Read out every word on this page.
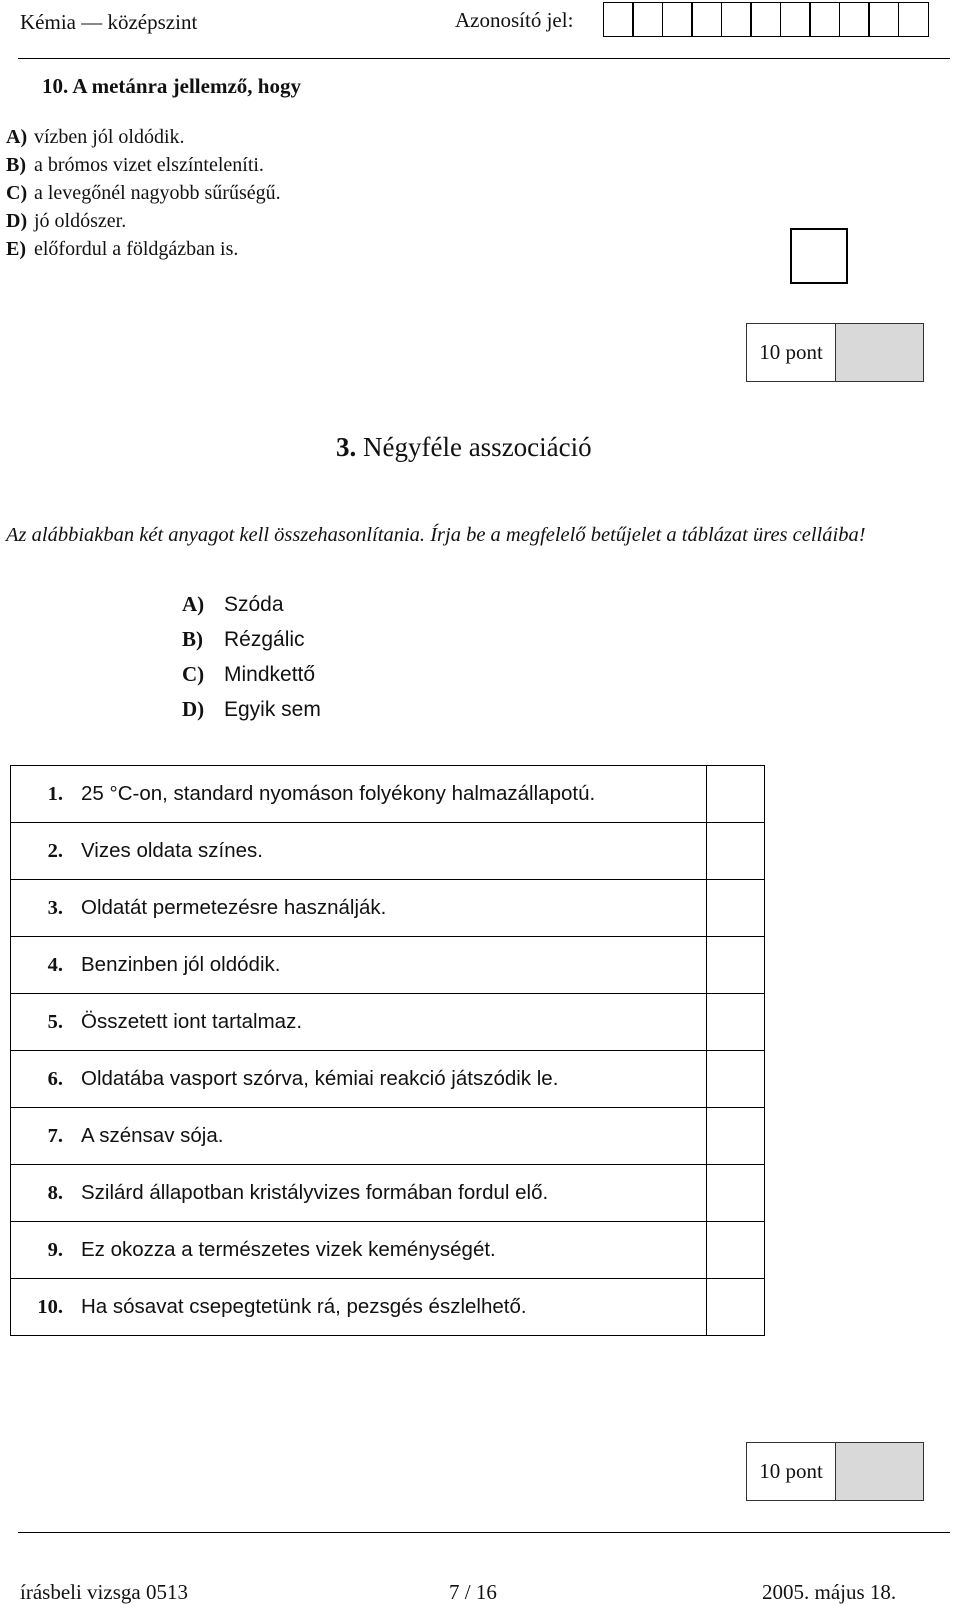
Kémia — középszint	Azonosító jel:
10. A metánra jellemző, hogy
A) vízben jól oldódik.
B) a brómos vizet elszínteleníti.
C) a levegőnél nagyobb sűrűségű.
D) jó oldószer.
E) előfordul a földgázban is.
10 pont
3. Négyféle asszociáció
Az alábbiakban két anyagot kell összehasonlítania. Írja be a megfelelő betűjelet a táblázat üres celláiba!
A) Szóda
B) Rézgálic
C) Mindkettő
D) Egyik sem
1.	25 °C-on, standard nyomáson folyékony halmazállapotú.	
2.	Vizes oldata színes.	
3.	Oldatát permetezésre használják.	
4.	Benzinben jól oldódik.	
5.	Összetett iont tartalmaz.	
6.	Oldatába vasport szórva, kémiai reakció játszódik le.	
7.	A szénsav sója.	
8.	Szilárd állapotban kristályvizes formában fordul elő.	
9.	Ez okozza a természetes vizek keménységét.	
10.	Ha sósavat csepegtetünk rá, pezsgés észlelhető.	
10 pont
írásbeli vizsga 0513	7 / 16	2005. május 18.
